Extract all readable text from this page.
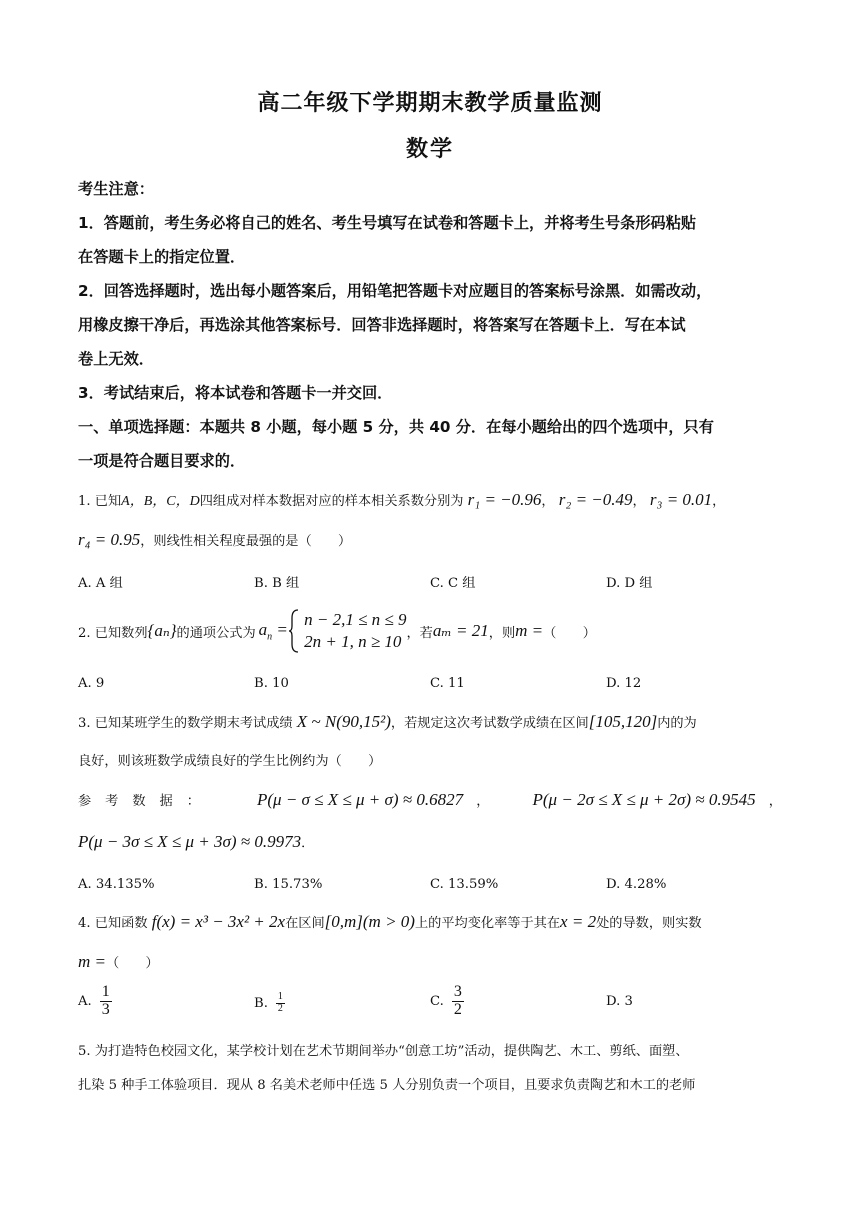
高二年级下学期期末教学质量监测
数学
考生注意：
1．答题前，考生务必将自己的姓名、考生号填写在试卷和答题卡上，并将考生号条形码粘贴
在答题卡上的指定位置．
2．回答选择题时，选出每小题答案后，用铅笔把答题卡对应题目的答案标号涂黑．如需改动，
用橡皮擦干净后，再选涂其他答案标号．回答非选择题时，将答案写在答题卡上．写在本试
卷上无效．
3．考试结束后，将本试卷和答题卡一并交回．
一、单项选择题：本题共 8 小题，每小题 5 分，共 40 分．在每小题给出的四个选项中，只有
一项是符合题目要求的．
1. 已知A，B，C，D四组成对样本数据对应的样本相关系数分别为 r₁ = −0.96， r₂ = −0.49， r₃ = 0.01，
r₄ = 0.95，则线性相关程度最强的是（　　）
A. A 组	B. B 组	C. C 组	D. D 组
2. 已知数列 {aₙ} 的通项公式为 $a_n$ =

n − 2,1 ≤ n ≤ 9
2n + 1, n ≥ 10 ，若 aₘ = 21 ，则 m = （　　）
A. 9	B. 10	C. 11	D. 12
3. 已知某班学生的数学期末考试成绩 X ~ N(90,15²)，若规定这次考试数学成绩在区间[105,120]内的为
良好，则该班数学成绩良好的学生比例约为（　　）
参考数据：	P(μ − σ ≤ X ≤ μ + σ) ≈ 0.6827　，	P(μ − 2σ ≤ X ≤ μ + 2σ) ≈ 0.9545　，
P(μ − 3σ ≤ X ≤ μ + 3σ) ≈ 0.9973．
A. 34.135%	B. 15.73%	C. 13.59%	D. 4.28%
4. 已知函数 f(x) = x³ − 3x² + 2x在区间[0,m](m > 0)上的平均变化率等于其在x = 2处的导数，则实数
m =（　　）
A. $\frac{1}{3}$	B. $\frac{1}{2}$	C. $\frac{3}{2}$	D. 3
5. 为打造特色校园文化，某学校计划在艺术节期间举办“创意工坊”活动，提供陶艺、木工、剪纸、面塑、
扎染 5 种手工体验项目．现从 8 名美术老师中任选 5 人分别负责一个项目，且要求负责陶艺和木工的老师
